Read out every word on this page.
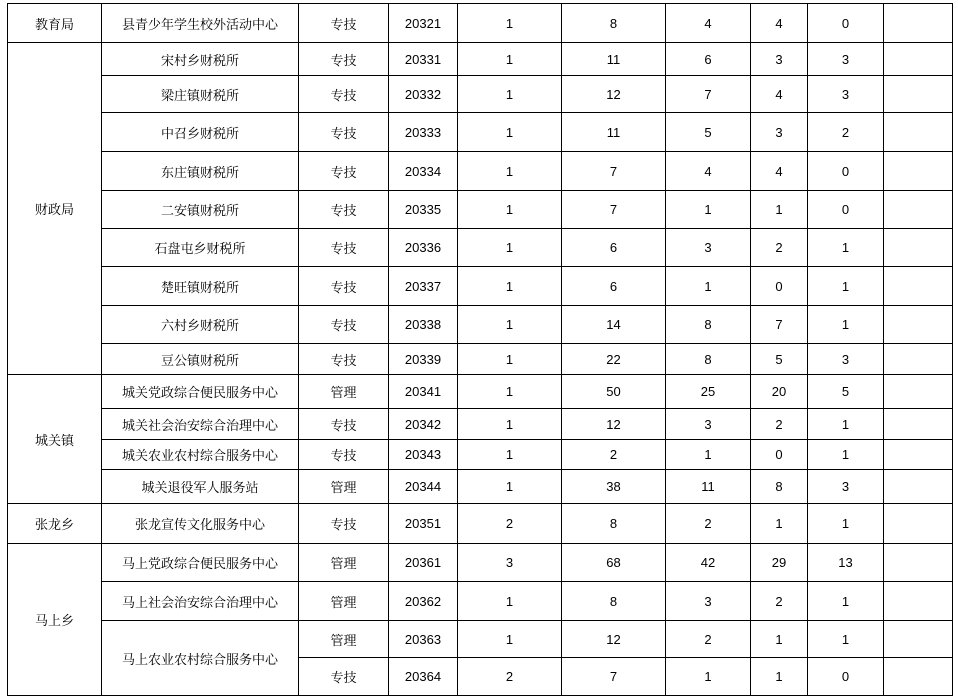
教育局	县青少年学生校外活动中心	专技	20321	1	8	4	4	0	
财政局	宋村乡财税所	专技	20331	1	11	6	3	3	
	梁庄镇财税所	专技	20332	1	12	7	4	3	
	中召乡财税所	专技	20333	1	11	5	3	2	
	东庄镇财税所	专技	20334	1	7	4	4	0	
	二安镇财税所	专技	20335	1	7	1	1	0	
	石盘屯乡财税所	专技	20336	1	6	3	2	1	
	楚旺镇财税所	专技	20337	1	6	1	0	1	
	六村乡财税所	专技	20338	1	14	8	7	1	
	豆公镇财税所	专技	20339	1	22	8	5	3	
城关镇	城关党政综合便民服务中心	管理	20341	1	50	25	20	5	
	城关社会治安综合治理中心	专技	20342	1	12	3	2	1	
	城关农业农村综合服务中心	专技	20343	1	2	1	0	1	
	城关退役军人服务站	管理	20344	1	38	11	8	3	
张龙乡	张龙宣传文化服务中心	专技	20351	2	8	2	1	1	
马上乡	马上党政综合便民服务中心	管理	20361	3	68	42	29	13	
	马上社会治安综合治理中心	管理	20362	1	8	3	2	1	
	马上农业农村综合服务中心	管理	20363	1	12	2	1	1	
		专技	20364	2	7	1	1	0	
